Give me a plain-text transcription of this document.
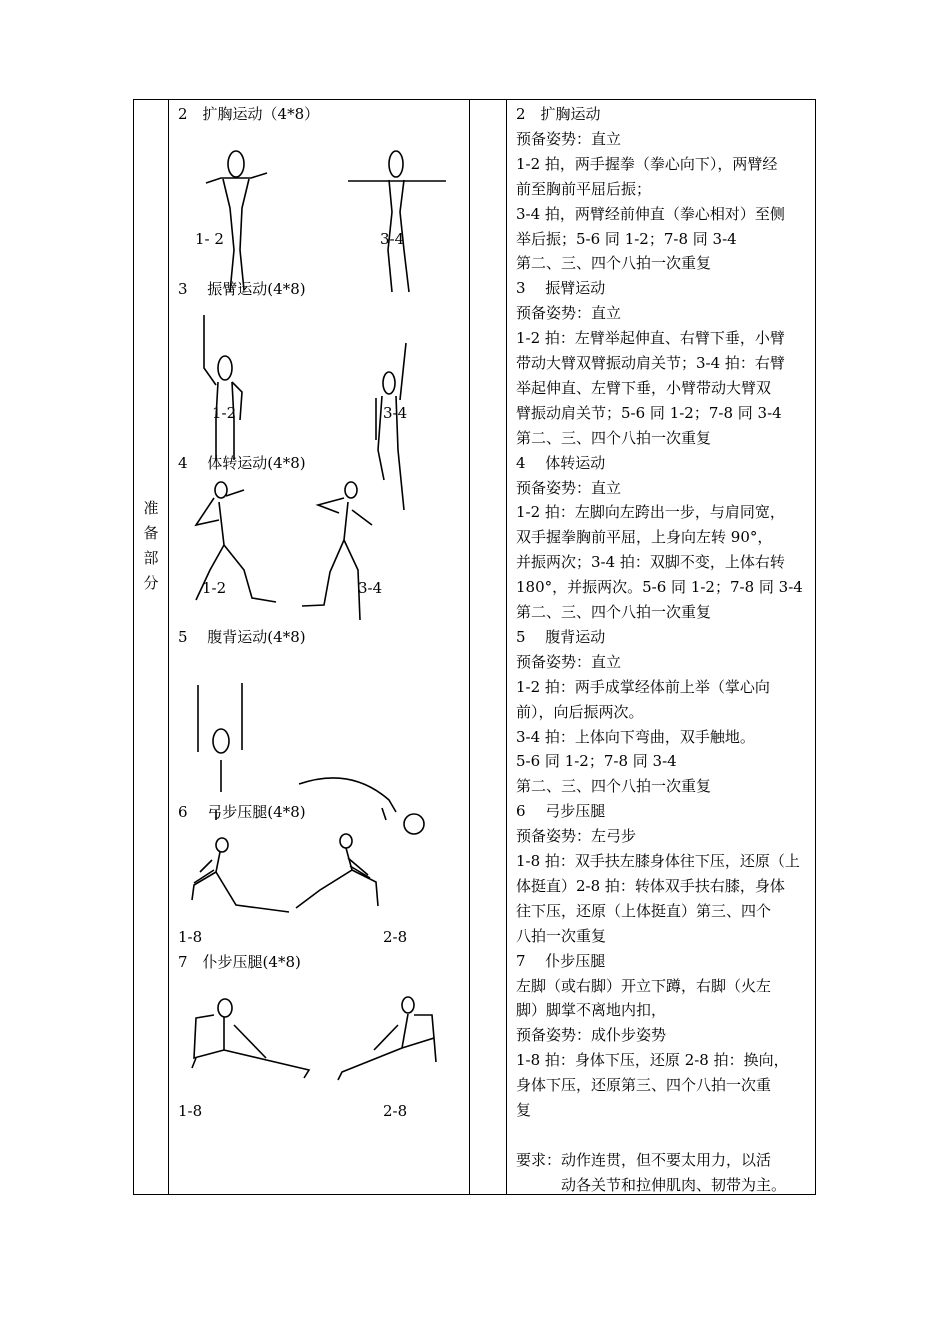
准
备
部
分
2　扩胸运动（4*8）
1- 2	3-4
3　 振臂运动(4*8)
1-2	3-4
4　 体转运动(4*8)
1-2	3-4
5　 腹背运动(4*8)
6　 弓步压腿(4*8)
1-8	2-8
7　仆步压腿(4*8)
1-8	2-8
2　扩胸运动
预备姿势：直立
1-2 拍，两手握拳（拳心向下），两臂经
前至胸前平屈后振；
3-4 拍，两臂经前伸直（拳心相对）至侧
举后振；5-6 同 1-2；7-8 同 3-4
第二、三、四个八拍一次重复
3　 振臂运动
预备姿势：直立
1-2 拍：左臂举起伸直、右臂下垂，小臂
带动大臂双臂振动肩关节；3-4 拍：右臂
举起伸直、左臂下垂，小臂带动大臂双
臂振动肩关节；5-6 同 1-2；7-8 同 3-4
第二、三、四个八拍一次重复
4　 体转运动
预备姿势：直立
1-2 拍：左脚向左跨出一步，与肩同宽，
双手握拳胸前平屈，上身向左转 90°，
并振两次；3-4 拍：双脚不变，上体右转
180°，并振两次。5-6 同 1-2；7-8 同 3-4
第二、三、四个八拍一次重复
5　 腹背运动
预备姿势：直立
1-2 拍：两手成掌经体前上举（掌心向
前），向后振两次。
3-4 拍：上体向下弯曲，双手触地。
5-6 同 1-2；7-8 同 3-4
第二、三、四个八拍一次重复
6　 弓步压腿
预备姿势：左弓步
1-8 拍：双手扶左膝身体往下压，还原（上
体挺直）2-8 拍：转体双手扶右膝，身体
往下压，还原（上体挺直）第三、四个
八拍一次重复
7　 仆步压腿
左脚（或右脚）开立下蹲，右脚（火左
脚）脚掌不离地内扣，
预备姿势：成仆步姿势
1-8 拍：身体下压，还原 2-8 拍：换向，
身体下压，还原第三、四个八拍一次重
复
要求：动作连贯，但不要太用力，以活
　　　动各关节和拉伸肌肉、韧带为主。
